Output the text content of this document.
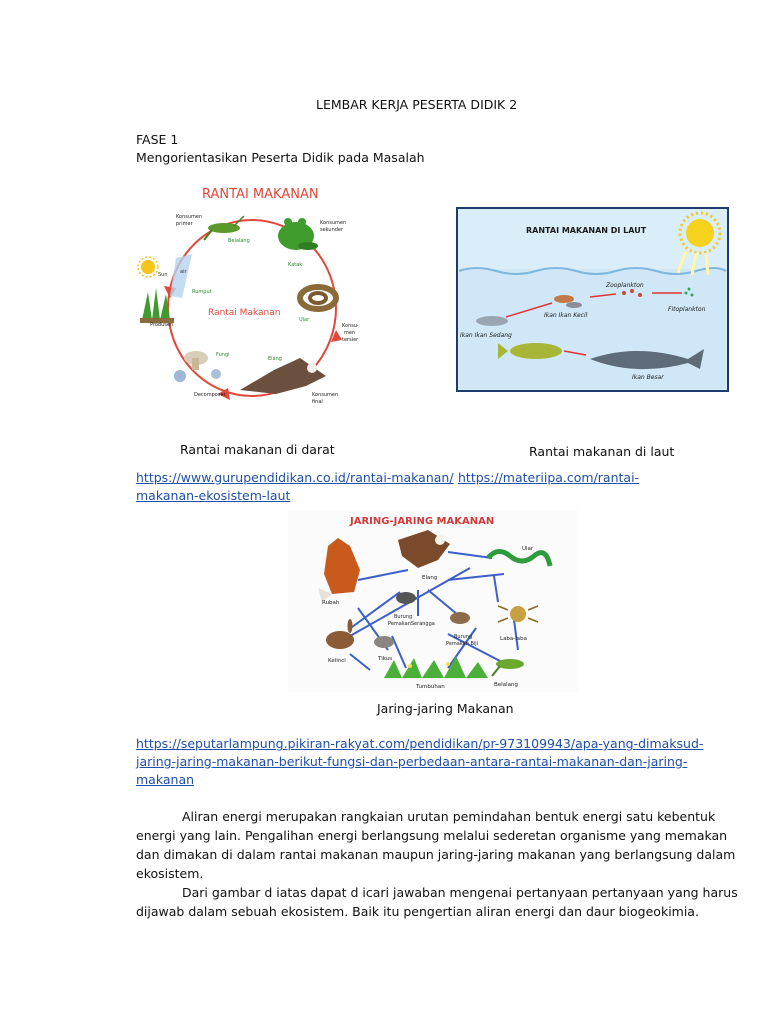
LEMBAR KERJA PESERTA DIDIK 2
FASE 1
Mengorientasikan Peserta Didik pada Masalah
RANTAI MAKANAN
Sun air
Rumput
Produsen
Konsumen
primer
Belalang
Konsumen
sekunder
Katak
Ular
Konsu-
men
tersier
Rantai Makanan
Fungi
Decomposer
Elang
Konsumen
final
RANTAI MAKANAN DI LAUT
Fitoplankton
Zooplankton
Ikan Ikan Kecil
Ikan Ikan Sedang
Ikan Besar
Rantai makanan di darat	Rantai makanan di laut
https://www.gurupendidikan.co.id/rantai-makanan/ https://materiipa.com/rantai-
makanan-ekosistem-laut
JARING-JARING MAKANAN
Rubah
Elang
Ular
Burung
PemakanSerangga
Burung
Pemakan Biji
Laba-laba
Kelinci	Tikus
Tumbuhan	Belalang
Jaring-jaring Makanan
https://seputarlampung.pikiran-rakyat.com/pendidikan/pr-973109943/apa-yang-dimaksud-
jaring-jaring-makanan-berikut-fungsi-dan-perbedaan-antara-rantai-makanan-dan-jaring-
makanan
Aliran energi merupakan rangkaian urutan pemindahan bentuk energi satu kebentuk
energi yang lain. Pengalihan energi berlangsung melalui sederetan organisme yang memakan
dan dimakan di dalam rantai makanan maupun jaring-jaring makanan yang berlangsung dalam
ekosistem.
Dari gambar d iatas dapat d icari jawaban mengenai pertanyaan pertanyaan yang harus
dijawab dalam sebuah ekosistem. Baik itu pengertian aliran energi dan daur biogeokimia.
